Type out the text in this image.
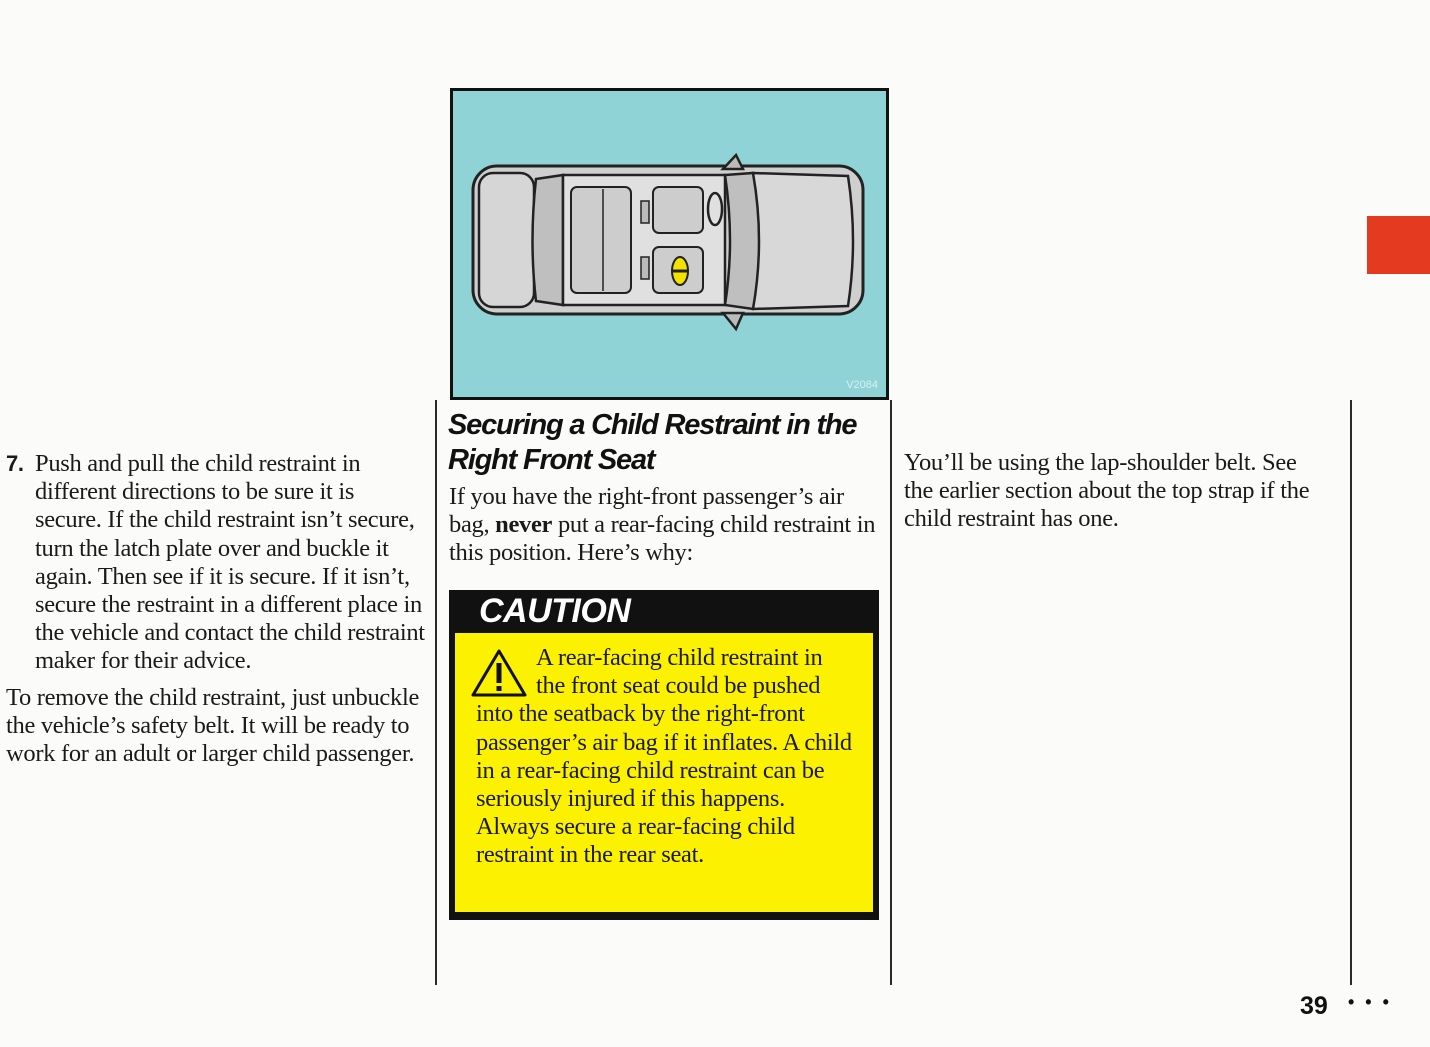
7. Push and pull the child restraint in different directions to be sure it is secure. If the child restraint isn’t secure, turn the latch plate over and buckle it again. Then see if it is secure. If it isn’t, secure the restraint in a different place in the vehicle and contact the child restraint maker for their advice.

To remove the child restraint, just unbuckle the vehicle’s safety belt. It will be ready to work for an adult or larger child passenger.

V2084
Securing a Child Restraint in the Right Front Seat

If you have the right-front passenger’s air bag, never put a rear-facing child restraint in this position. Here’s why:

CAUTION

A rear-facing child restraint in the front seat could be pushed into the seatback by the right-front passenger’s air bag if it inflates. A child in a rear-facing child restraint can be seriously injured if this happens. Always secure a rear-facing child restraint in the rear seat.

You’ll be using the lap-shoulder belt. See the earlier section about the top strap if the child restraint has one.

39 • • •
